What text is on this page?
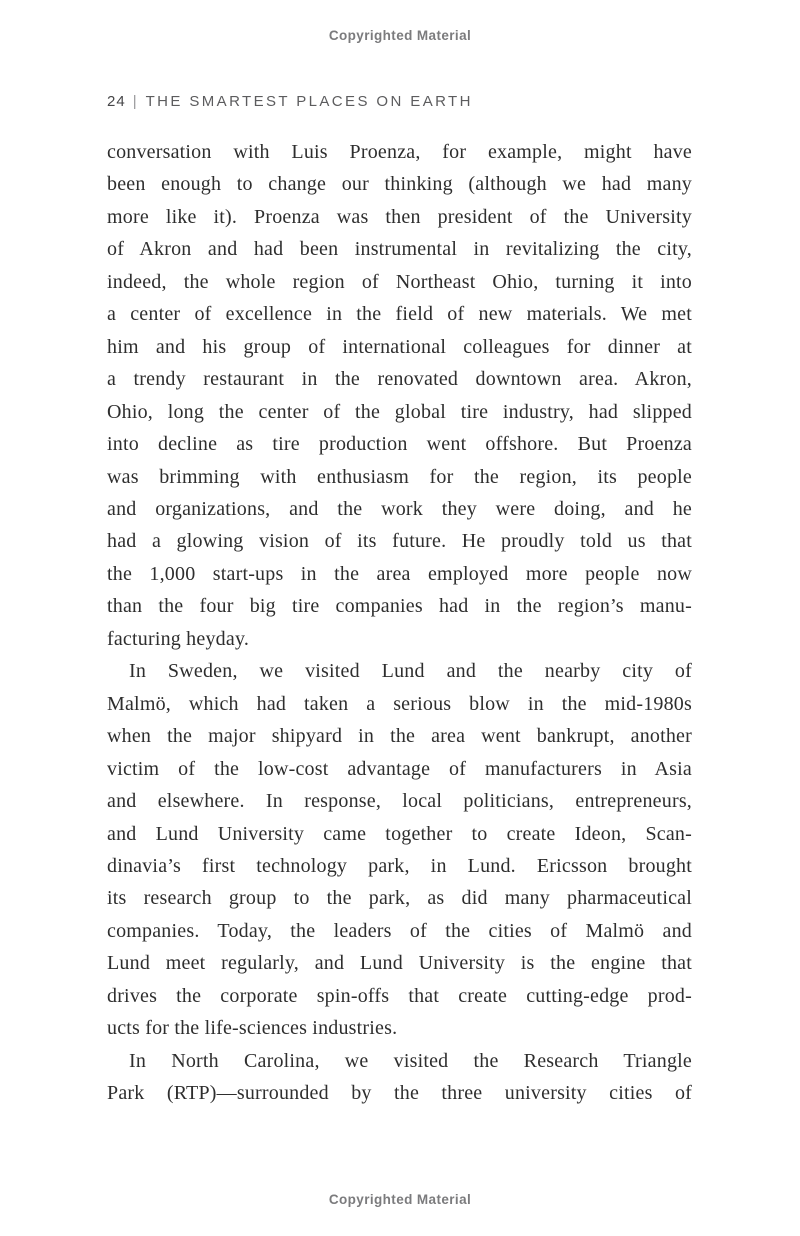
Copyrighted Material
24 | THE SMARTEST PLACES ON EARTH
conversation with Luis Proenza, for example, might have
been enough to change our thinking (although we had many
more like it). Proenza was then president of the University
of Akron and had been instrumental in revitalizing the city,
indeed, the whole region of Northeast Ohio, turning it into
a center of excellence in the field of new materials. We met
him and his group of international colleagues for dinner at
a trendy restaurant in the renovated downtown area. Akron,
Ohio, long the center of the global tire industry, had slipped
into decline as tire production went offshore. But Proenza
was brimming with enthusiasm for the region, its people
and organizations, and the work they were doing, and he
had a glowing vision of its future. He proudly told us that
the 1,000 start-ups in the area employed more people now
than the four big tire companies had in the region’s manu-
facturing heyday.
In Sweden, we visited Lund and the nearby city of
Malmö, which had taken a serious blow in the mid-1980s
when the major shipyard in the area went bankrupt, another
victim of the low-cost advantage of manufacturers in Asia
and elsewhere. In response, local politicians, entrepreneurs,
and Lund University came together to create Ideon, Scan-
dinavia’s first technology park, in Lund. Ericsson brought
its research group to the park, as did many pharmaceutical
companies. Today, the leaders of the cities of Malmö and
Lund meet regularly, and Lund University is the engine that
drives the corporate spin-offs that create cutting-edge prod-
ucts for the life-sciences industries.
In North Carolina, we visited the Research Triangle
Park (RTP)—surrounded by the three university cities of
Copyrighted Material
